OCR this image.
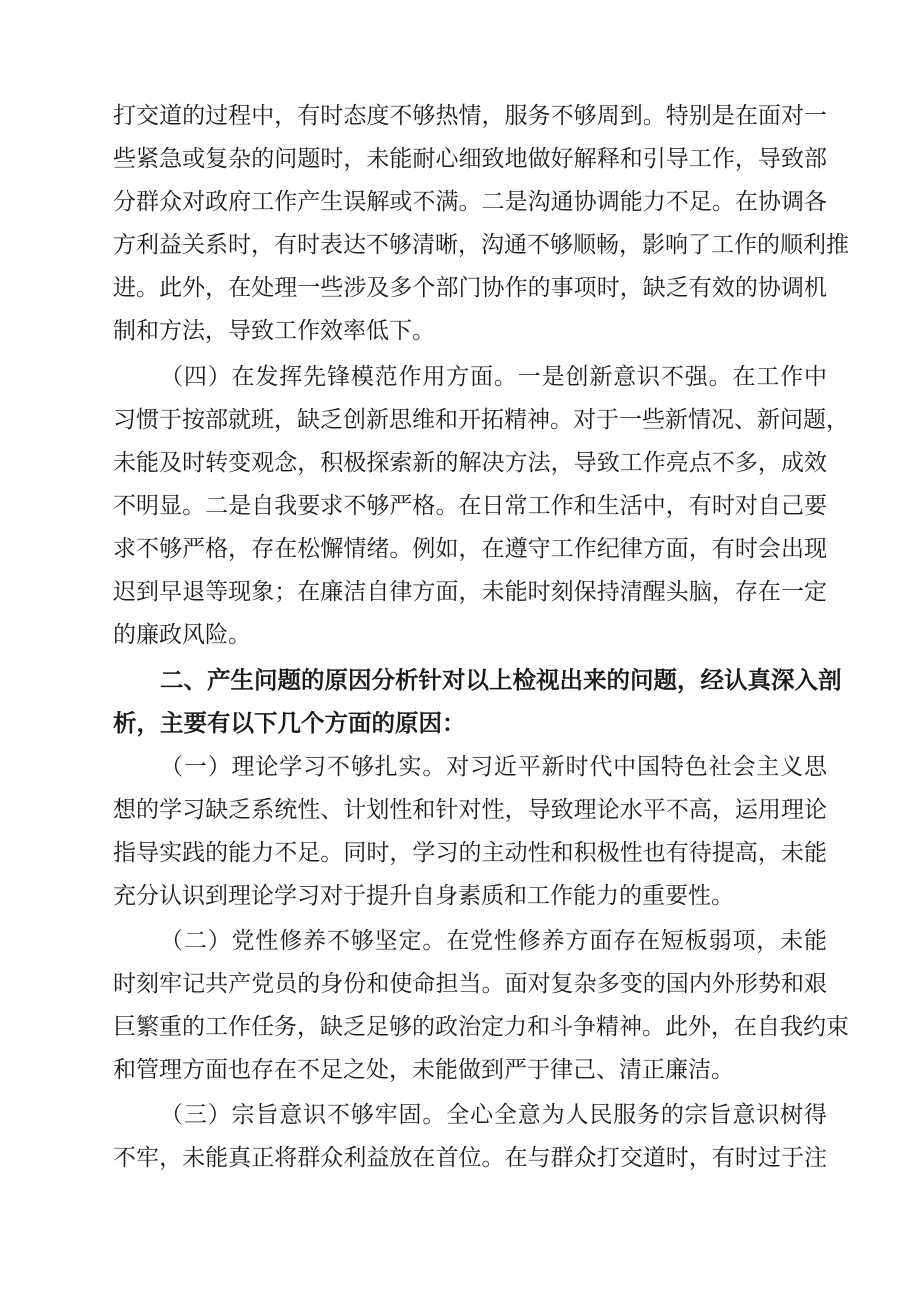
打交道的过程中，有时态度不够热情，服务不够周到。特别是在面对一
些紧急或复杂的问题时，未能耐心细致地做好解释和引导工作，导致部
分群众对政府工作产生误解或不满。二是沟通协调能力不足。在协调各
方利益关系时，有时表达不够清晰，沟通不够顺畅，影响了工作的顺利推
进。此外，在处理一些涉及多个部门协作的事项时，缺乏有效的协调机
制和方法，导致工作效率低下。
（四）在发挥先锋模范作用方面。一是创新意识不强。在工作中
习惯于按部就班，缺乏创新思维和开拓精神。对于一些新情况、新问题，
未能及时转变观念，积极探索新的解决方法，导致工作亮点不多，成效
不明显。二是自我要求不够严格。在日常工作和生活中，有时对自己要
求不够严格，存在松懈情绪。例如，在遵守工作纪律方面，有时会出现
迟到早退等现象；在廉洁自律方面，未能时刻保持清醒头脑，存在一定
的廉政风险。
二、产生问题的原因分析针对以上检视出来的问题，经认真深入剖
析，主要有以下几个方面的原因：
（一）理论学习不够扎实。对习近平新时代中国特色社会主义思
想的学习缺乏系统性、计划性和针对性，导致理论水平不高，运用理论
指导实践的能力不足。同时，学习的主动性和积极性也有待提高，未能
充分认识到理论学习对于提升自身素质和工作能力的重要性。
（二）党性修养不够坚定。在党性修养方面存在短板弱项，未能
时刻牢记共产党员的身份和使命担当。面对复杂多变的国内外形势和艰
巨繁重的工作任务，缺乏足够的政治定力和斗争精神。此外，在自我约束
和管理方面也存在不足之处，未能做到严于律己、清正廉洁。
（三）宗旨意识不够牢固。全心全意为人民服务的宗旨意识树得
不牢，未能真正将群众利益放在首位。在与群众打交道时，有时过于注
